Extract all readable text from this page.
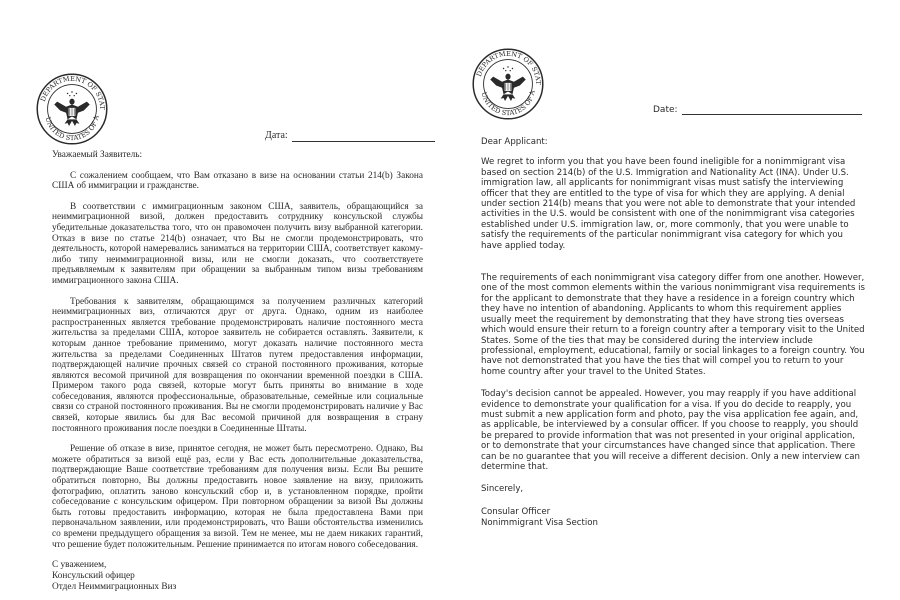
Дата:

Уважаемый Заявитель:

С сожалением сообщаем, что Вам отказано в визе на основании статьи 214(b) Закона США об иммиграции и гражданстве.

В соответствии с иммиграционным законом США, заявитель, обращающийся за неиммиграционной визой, должен предоставить сотруднику консульской службы убедительные доказательства того, что он правомочен получить визу выбранной категории. Отказ в визе по статье 214(b) означает, что Вы не смогли продемонстрировать, что деятельность, которой намеревались заниматься на территории США, соответствует какому-либо типу неиммиграционной визы, или не смогли доказать, что соответствуете предъявляемым к заявителям при обращении за выбранным типом визы требованиям иммиграционного закона США.

Требования к заявителям, обращающимся за получением различных категорий неиммиграционных виз, отличаются друг от друга. Однако, одним из наиболее распространенных является требование продемонстрировать наличие постоянного места жительства за пределами США, которое заявитель не собирается оставлять. Заявители, к которым данное требование применимо, могут доказать наличие постоянного места жительства за пределами Соединенных Штатов путем предоставления информации, подтверждающей наличие прочных связей со страной постоянного проживания, которые являются весомой причиной для возвращения по окончании временной поездки в США. Примером такого рода связей, которые могут быть приняты во внимание в ходе собеседования, являются профессиональные, образовательные, семейные или социальные связи со страной постоянного проживания. Вы не смогли продемонстрировать наличие у Вас связей, которые явились бы для Вас весомой причиной для возвращения в страну постоянного проживания после поездки в Соединенные Штаты.

Решение об отказе в визе, принятое сегодня, не может быть пересмотрено. Однако, Вы можете обратиться за визой ещё раз, если у Вас есть дополнительные доказательства, подтверждающие Ваше соответствие требованиям для получения визы. Если Вы решите обратиться повторно, Вы должны предоставить новое заявление на визу, приложить фотографию, оплатить заново консульский сбор и, в установленном порядке, пройти собеседование с консульским офицером. При повторном обращении за визой Вы должны быть готовы предоставить информацию, которая не была предоставлена Вами при первоначальном заявлении, или продемонстрировать, что Ваши обстоятельства изменились со времени предыдущего обращения за визой. Тем не менее, мы не даем никаких гарантий, что решение будет положительным. Решение принимается по итогам нового собеседования.

С уважением,
Консульский офицер
Отдел Неиммиграционных Виз
Date:

Dear Applicant:

We regret to inform you that you have been found ineligible for a nonimmigrant visa based on section 214(b) of the U.S. Immigration and Nationality Act (INA). Under U.S. immigration law, all applicants for nonimmigrant visas must satisfy the interviewing officer that they are entitled to the type of visa for which they are applying. A denial under section 214(b) means that you were not able to demonstrate that your intended activities in the U.S. would be consistent with one of the nonimmigrant visa categories established under U.S. immigration law, or, more commonly, that you were unable to satisfy the requirements of the particular nonimmigrant visa category for which you have applied today.

The requirements of each nonimmigrant visa category differ from one another. However, one of the most common elements within the various nonimmigrant visa requirements is for the applicant to demonstrate that they have a residence in a foreign country which they have no intention of abandoning. Applicants to whom this requirement applies usually meet the requirement by demonstrating that they have strong ties overseas which would ensure their return to a foreign country after a temporary visit to the United States. Some of the ties that may be considered during the interview include professional, employment, educational, family or social linkages to a foreign country. You have not demonstrated that you have the ties that will compel you to return to your home country after your travel to the United States.

Today's decision cannot be appealed. However, you may reapply if you have additional evidence to demonstrate your qualification for a visa. If you do decide to reapply, you must submit a new application form and photo, pay the visa application fee again, and, as applicable, be interviewed by a consular officer. If you choose to reapply, you should be prepared to provide information that was not presented in your original application, or to demonstrate that your circumstances have changed since that application. There can be no guarantee that you will receive a different decision. Only a new interview can determine that.

Sincerely,
Consular Officer
Nonimmigrant Visa Section
